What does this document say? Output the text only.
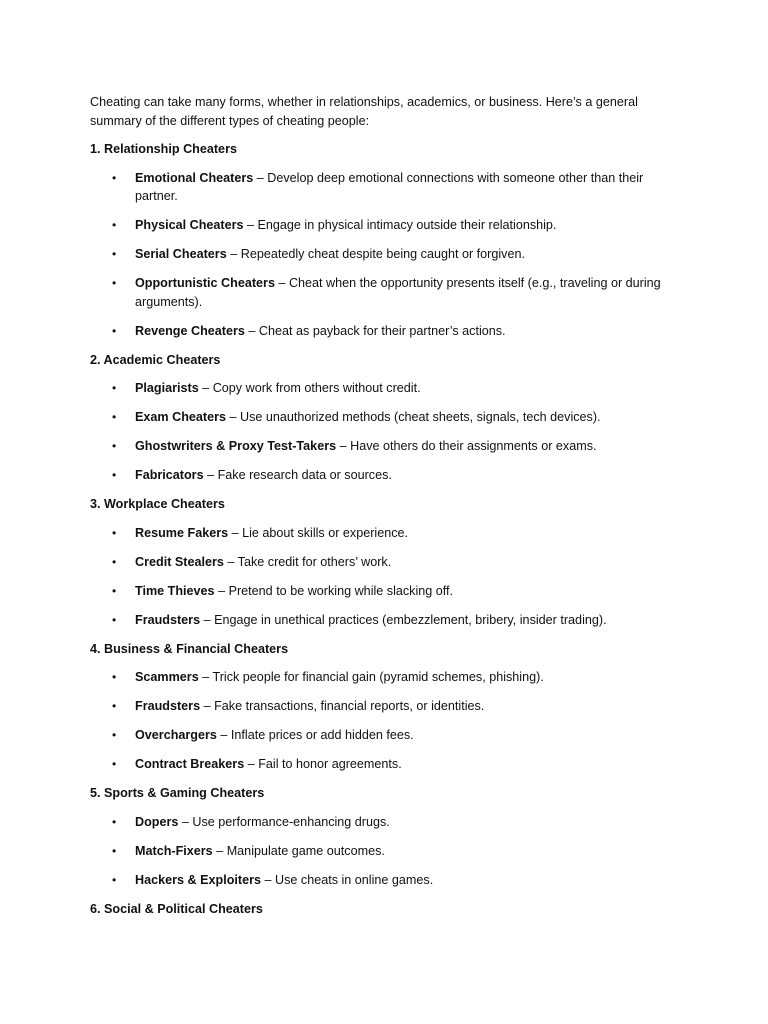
Cheating can take many forms, whether in relationships, academics, or business. Here’s a general summary of the different types of cheating people:

1. Relationship Cheaters

• Emotional Cheaters – Develop deep emotional connections with someone other than their partner.
• Physical Cheaters – Engage in physical intimacy outside their relationship.
• Serial Cheaters – Repeatedly cheat despite being caught or forgiven.
• Opportunistic Cheaters – Cheat when the opportunity presents itself (e.g., traveling or during arguments).
• Revenge Cheaters – Cheat as payback for their partner’s actions.

2. Academic Cheaters

• Plagiarists – Copy work from others without credit.
• Exam Cheaters – Use unauthorized methods (cheat sheets, signals, tech devices).
• Ghostwriters & Proxy Test-Takers – Have others do their assignments or exams.
• Fabricators – Fake research data or sources.

3. Workplace Cheaters

• Resume Fakers – Lie about skills or experience.
• Credit Stealers – Take credit for others’ work.
• Time Thieves – Pretend to be working while slacking off.
• Fraudsters – Engage in unethical practices (embezzlement, bribery, insider trading).

4. Business & Financial Cheaters

• Scammers – Trick people for financial gain (pyramid schemes, phishing).
• Fraudsters – Fake transactions, financial reports, or identities.
• Overchargers – Inflate prices or add hidden fees.
• Contract Breakers – Fail to honor agreements.

5. Sports & Gaming Cheaters

• Dopers – Use performance-enhancing drugs.
• Match-Fixers – Manipulate game outcomes.
• Hackers & Exploiters – Use cheats in online games.

6. Social & Political Cheaters
